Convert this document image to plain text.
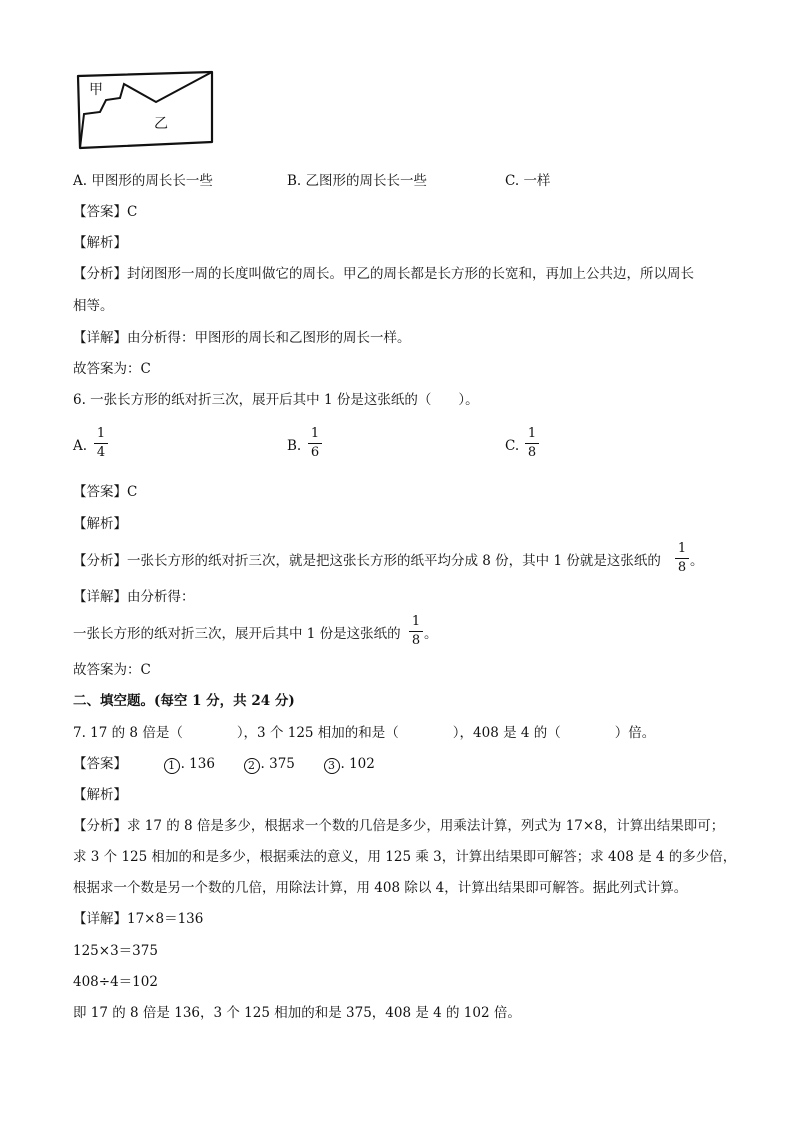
甲
乙
A. 甲图形的周长长一些	B. 乙图形的周长长一些	C. 一样
【答案】C
【解析】
【分析】封闭图形一周的长度叫做它的周长。甲乙的周长都是长方形的长宽和，再加上公共边，所以周长
相等。
【详解】由分析得：甲图形的周长和乙图形的周长一样。
故答案为：C
6. 一张长方形的纸对折三次，展开后其中 1 份是这张纸的（　　）。
A.
1
4	B.
1
6	C.
1
8
【答案】C
【解析】
【分析】一张长方形的纸对折三次，就是把这张长方形的纸平均分成 8 份，其中 1 份就是这张纸的
1
8 。
【详解】由分析得：
一张长方形的纸对折三次，展开后其中 1 份是这张纸的
1
8 。
故答案为：C
二、填空题。(每空 1 分，共 24 分)
7. 17 的 8 倍是（　　　　），3 个 125 相加的和是（　　　　），408 是 4 的（　　　　）倍。
【答案】	1 . 136	2 . 375	3 . 102
【解析】
【分析】求 17 的 8 倍是多少，根据求一个数的几倍是多少，用乘法计算，列式为 17×8，计算出结果即可；
求 3 个 125 相加的和是多少，根据乘法的意义，用 125 乘 3，计算出结果即可解答；求 408 是 4 的多少倍，
根据求一个数是另一个数的几倍，用除法计算，用 408 除以 4，计算出结果即可解答。据此列式计算。
【详解】17×8＝136
125×3＝375
408÷4＝102
即 17 的 8 倍是 136，3 个 125 相加的和是 375，408 是 4 的 102 倍。
